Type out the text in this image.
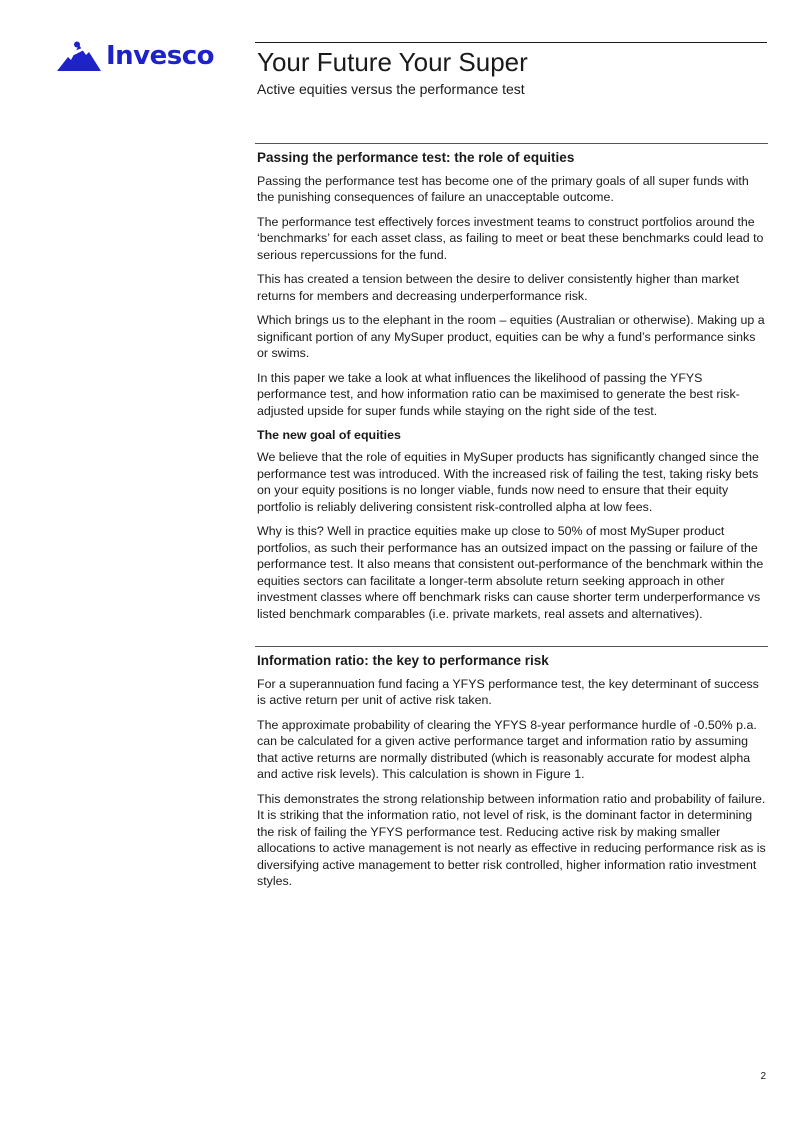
Invesco Your Future Your Super

Active equities versus the performance test

Passing the performance test: the role of equities

Passing the performance test has become one of the primary goals of all super funds with the punishing consequences of failure an unacceptable outcome.

The performance test effectively forces investment teams to construct portfolios around the ‘benchmarks’ for each asset class, as failing to meet or beat these benchmarks could lead to serious repercussions for the fund.

This has created a tension between the desire to deliver consistently higher than market returns for members and decreasing underperformance risk.

Which brings us to the elephant in the room – equities (Australian or otherwise). Making up a significant portion of any MySuper product, equities can be why a fund’s performance sinks or swims.

In this paper we take a look at what influences the likelihood of passing the YFYS performance test, and how information ratio can be maximised to generate the best risk-adjusted upside for super funds while staying on the right side of the test.

The new goal of equities

We believe that the role of equities in MySuper products has significantly changed since the performance test was introduced. With the increased risk of failing the test, taking risky bets on your equity positions is no longer viable, funds now need to ensure that their equity portfolio is reliably delivering consistent risk-controlled alpha at low fees.

Why is this? Well in practice equities make up close to 50% of most MySuper product portfolios, as such their performance has an outsized impact on the passing or failure of the performance test. It also means that consistent out-performance of the benchmark within the equities sectors can facilitate a longer-term absolute return seeking approach in other investment classes where off benchmark risks can cause shorter term underperformance vs listed benchmark comparables (i.e. private markets, real assets and alternatives).

Information ratio: the key to performance risk

For a superannuation fund facing a YFYS performance test, the key determinant of success is active return per unit of active risk taken.

The approximate probability of clearing the YFYS 8-year performance hurdle of -0.50% p.a. can be calculated for a given active performance target and information ratio by assuming that active returns are normally distributed (which is reasonably accurate for modest alpha and active risk levels). This calculation is shown in Figure 1.

This demonstrates the strong relationship between information ratio and probability of failure. It is striking that the information ratio, not level of risk, is the dominant factor in determining the risk of failing the YFYS performance test. Reducing active risk by making smaller allocations to active management is not nearly as effective in reducing performance risk as is diversifying active management to better risk controlled, higher information ratio investment styles.

2
